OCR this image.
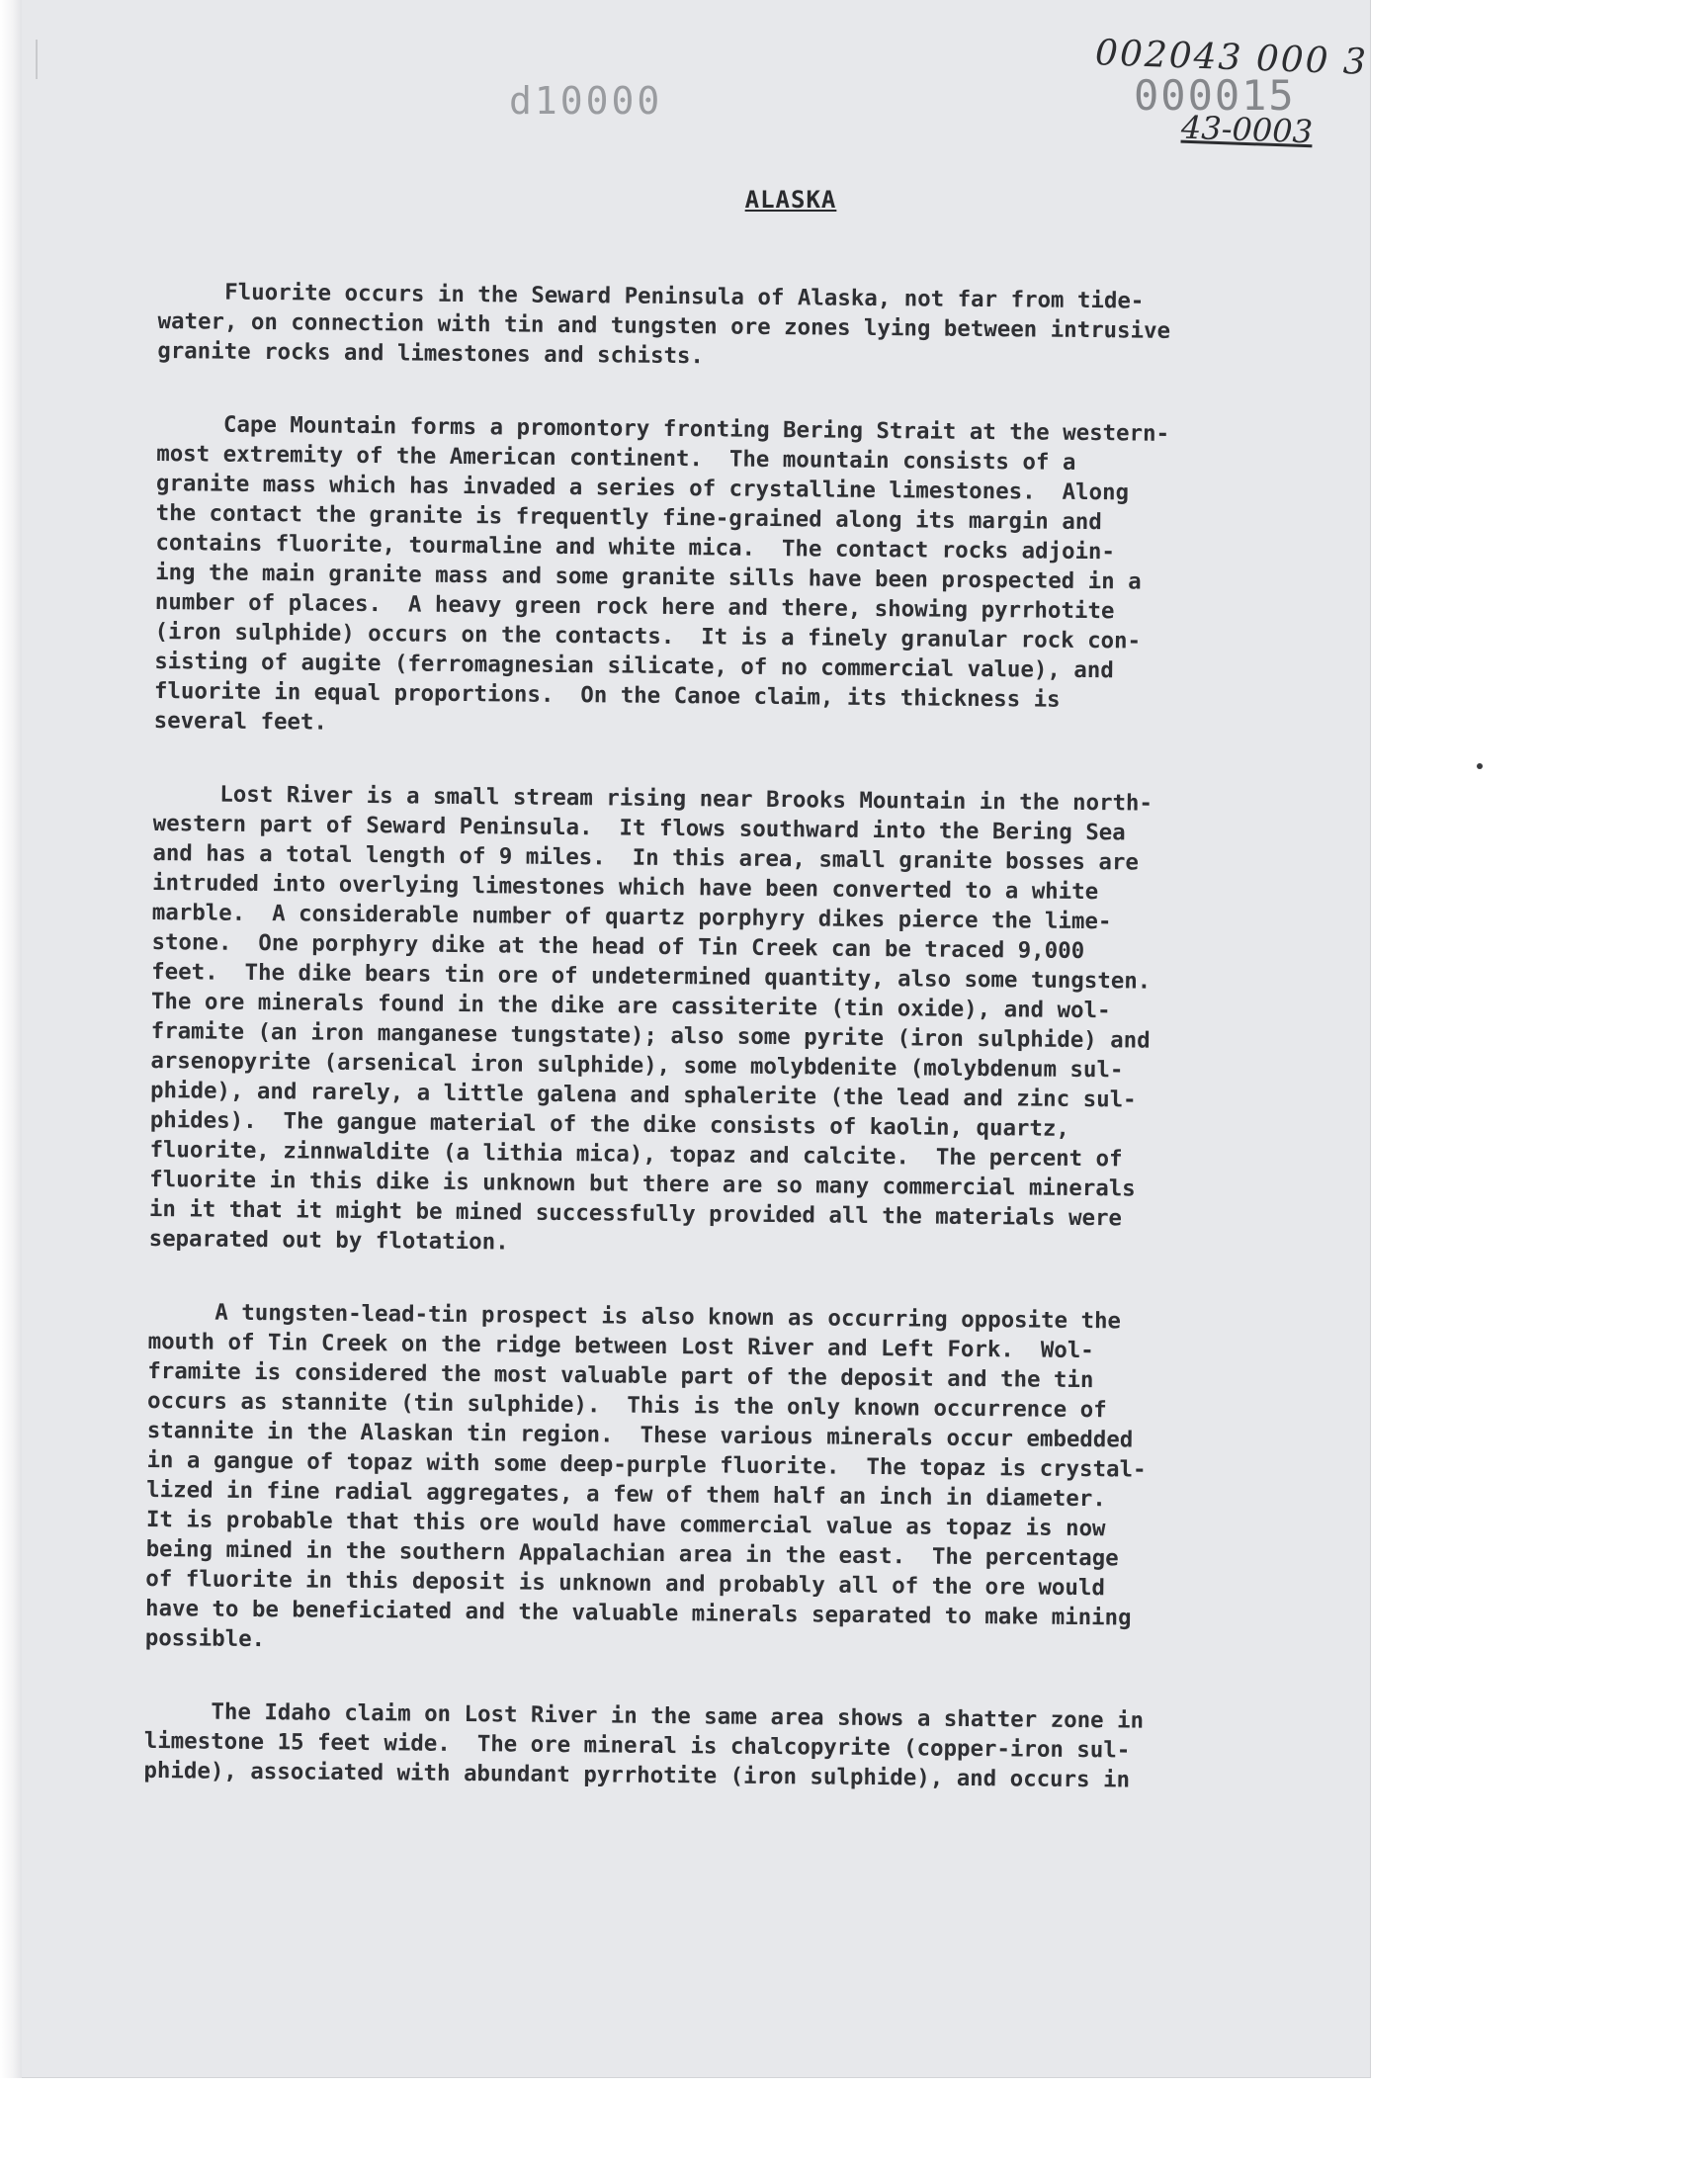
d10000	000015
002043 000 3
43-0003
ALASKA

Fluorite occurs in the Seward Peninsula of Alaska, not far from tide-
water, on connection with tin and tungsten ore zones lying between intrusive
granite rocks and limestones and schists.

Cape Mountain forms a promontory fronting Bering Strait at the western-
most extremity of the American continent.  The mountain consists of a
granite mass which has invaded a series of crystalline limestones.  Along
the contact the granite is frequently fine-grained along its margin and
contains fluorite, tourmaline and white mica.  The contact rocks adjoin-
ing the main granite mass and some granite sills have been prospected in a
number of places.  A heavy green rock here and there, showing pyrrhotite
(iron sulphide) occurs on the contacts.  It is a finely granular rock con-
sisting of augite (ferromagnesian silicate, of no commercial value), and
fluorite in equal proportions.  On the Canoe claim, its thickness is
several feet.

Lost River is a small stream rising near Brooks Mountain in the north-
western part of Seward Peninsula.  It flows southward into the Bering Sea
and has a total length of 9 miles.  In this area, small granite bosses are
intruded into overlying limestones which have been converted to a white
marble.  A considerable number of quartz porphyry dikes pierce the lime-
stone.  One porphyry dike at the head of Tin Creek can be traced 9,000
feet.  The dike bears tin ore of undetermined quantity, also some tungsten.
The ore minerals found in the dike are cassiterite (tin oxide), and wol-
framite (an iron manganese tungstate); also some pyrite (iron sulphide) and
arsenopyrite (arsenical iron sulphide), some molybdenite (molybdenum sul-
phide), and rarely, a little galena and sphalerite (the lead and zinc sul-
phides).  The gangue material of the dike consists of kaolin, quartz,
fluorite, zinnwaldite (a lithia mica), topaz and calcite.  The percent of
fluorite in this dike is unknown but there are so many commercial minerals
in it that it might be mined successfully provided all the materials were
separated out by flotation.

A tungsten-lead-tin prospect is also known as occurring opposite the
mouth of Tin Creek on the ridge between Lost River and Left Fork.  Wol-
framite is considered the most valuable part of the deposit and the tin
occurs as stannite (tin sulphide).  This is the only known occurrence of
stannite in the Alaskan tin region.  These various minerals occur embedded
in a gangue of topaz with some deep-purple fluorite.  The topaz is crystal-
lized in fine radial aggregates, a few of them half an inch in diameter.
It is probable that this ore would have commercial value as topaz is now
being mined in the southern Appalachian area in the east.  The percentage
of fluorite in this deposit is unknown and probably all of the ore would
have to be beneficiated and the valuable minerals separated to make mining
possible.

The Idaho claim on Lost River in the same area shows a shatter zone in
limestone 15 feet wide.  The ore mineral is chalcopyrite (copper-iron sul-
phide), associated with abundant pyrrhotite (iron sulphide), and occurs in
